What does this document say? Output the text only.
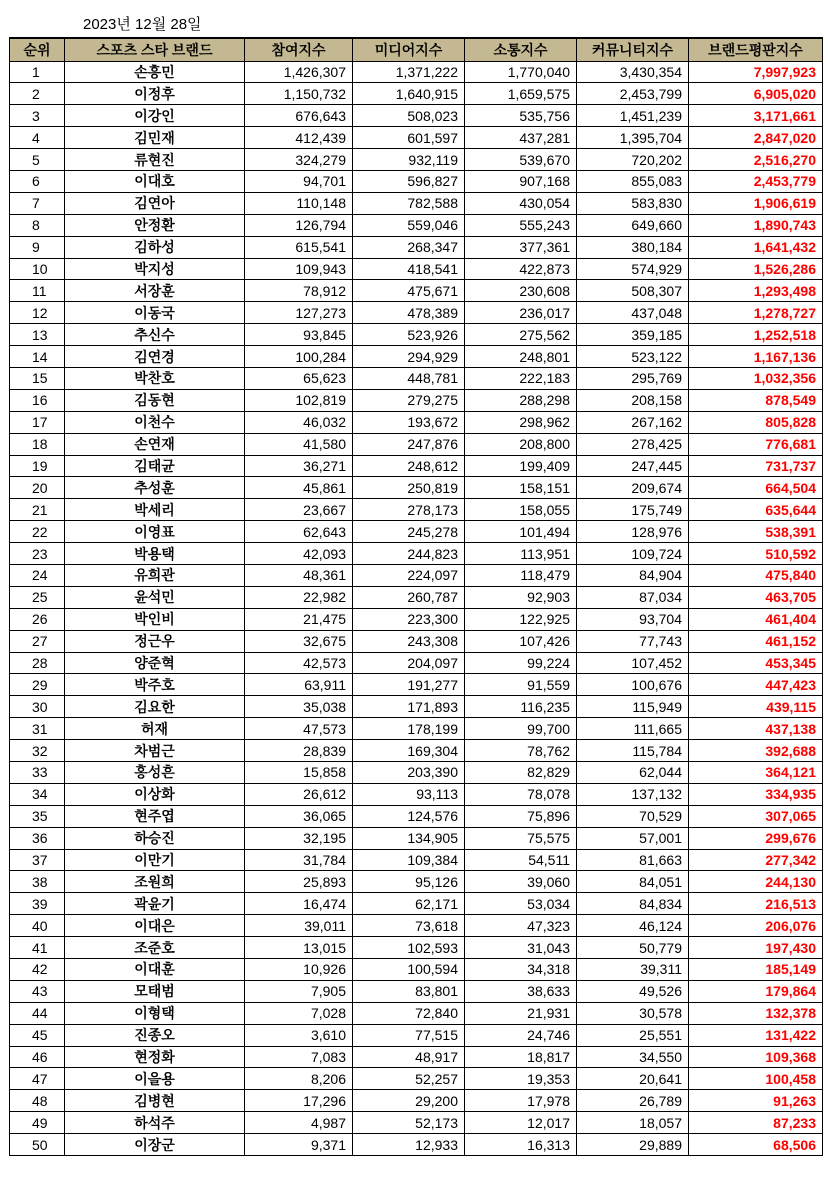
2023년 12월 28일
순위	스포츠 스타 브랜드	참여지수	미디어지수	소통지수	커뮤니티지수	브랜드평판지수
1	손흥민	1,426,307	1,371,222	1,770,040	3,430,354	7,997,923
2	이정후	1,150,732	1,640,915	1,659,575	2,453,799	6,905,020
3	이강인	676,643	508,023	535,756	1,451,239	3,171,661
4	김민재	412,439	601,597	437,281	1,395,704	2,847,020
5	류현진	324,279	932,119	539,670	720,202	2,516,270
6	이대호	94,701	596,827	907,168	855,083	2,453,779
7	김연아	110,148	782,588	430,054	583,830	1,906,619
8	안정환	126,794	559,046	555,243	649,660	1,890,743
9	김하성	615,541	268,347	377,361	380,184	1,641,432
10	박지성	109,943	418,541	422,873	574,929	1,526,286
11	서장훈	78,912	475,671	230,608	508,307	1,293,498
12	이동국	127,273	478,389	236,017	437,048	1,278,727
13	추신수	93,845	523,926	275,562	359,185	1,252,518
14	김연경	100,284	294,929	248,801	523,122	1,167,136
15	박찬호	65,623	448,781	222,183	295,769	1,032,356
16	김동현	102,819	279,275	288,298	208,158	878,549
17	이천수	46,032	193,672	298,962	267,162	805,828
18	손연재	41,580	247,876	208,800	278,425	776,681
19	김태균	36,271	248,612	199,409	247,445	731,737
20	추성훈	45,861	250,819	158,151	209,674	664,504
21	박세리	23,667	278,173	158,055	175,749	635,644
22	이영표	62,643	245,278	101,494	128,976	538,391
23	박용택	42,093	244,823	113,951	109,724	510,592
24	유희관	48,361	224,097	118,479	84,904	475,840
25	윤석민	22,982	260,787	92,903	87,034	463,705
26	박인비	21,475	223,300	122,925	93,704	461,404
27	정근우	32,675	243,308	107,426	77,743	461,152
28	양준혁	42,573	204,097	99,224	107,452	453,345
29	박주호	63,911	191,277	91,559	100,676	447,423
30	김요한	35,038	171,893	116,235	115,949	439,115
31	허재	47,573	178,199	99,700	111,665	437,138
32	차범근	28,839	169,304	78,762	115,784	392,688
33	홍성흔	15,858	203,390	82,829	62,044	364,121
34	이상화	26,612	93,113	78,078	137,132	334,935
35	현주엽	36,065	124,576	75,896	70,529	307,065
36	하승진	32,195	134,905	75,575	57,001	299,676
37	이만기	31,784	109,384	54,511	81,663	277,342
38	조원희	25,893	95,126	39,060	84,051	244,130
39	곽윤기	16,474	62,171	53,034	84,834	216,513
40	이대은	39,011	73,618	47,323	46,124	206,076
41	조준호	13,015	102,593	31,043	50,779	197,430
42	이대훈	10,926	100,594	34,318	39,311	185,149
43	모태범	7,905	83,801	38,633	49,526	179,864
44	이형택	7,028	72,840	21,931	30,578	132,378
45	진종오	3,610	77,515	24,746	25,551	131,422
46	현정화	7,083	48,917	18,817	34,550	109,368
47	이을용	8,206	52,257	19,353	20,641	100,458
48	김병현	17,296	29,200	17,978	26,789	91,263
49	하석주	4,987	52,173	12,017	18,057	87,233
50	이장군	9,371	12,933	16,313	29,889	68,506
